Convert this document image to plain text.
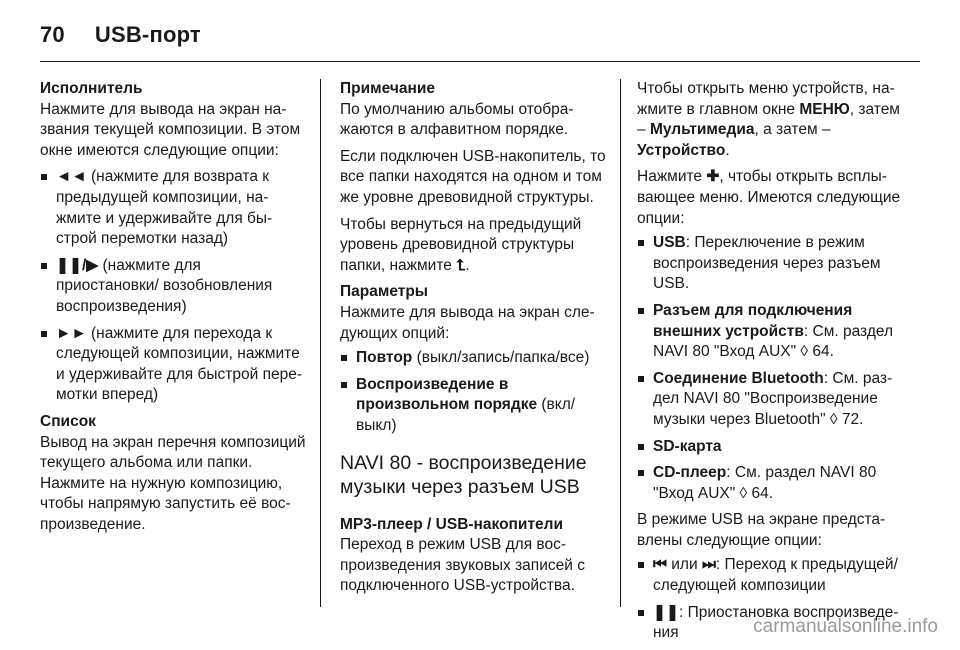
70 USB-порт
Исполнитель

Нажмите для вывода на экран названия текущей композиции. В этом окне имеются следующие опции:

◄◄ (нажмите для возврата к предыдущей композиции, нажмите и удерживайте для быстрой перемотки назад)
❚❚/▶ (нажмите для приостановки/ возобновления воспроизведения)
►► (нажмите для перехода к следующей композиции, нажмите и удерживайте для быстрой перемотки вперед)
Список

Вывод на экран перечня композиций текущего альбома или папки. Нажмите на нужную композицию, чтобы напрямую запустить её воспроизведение.

Примечание

По умолчанию альбомы отображаются в алфавитном порядке.

Если подключен USB-накопитель, то все папки находятся на одном и том же уровне древовидной структуры.

Чтобы вернуться на предыдущий уровень древовидной структуры папки, нажмите ⮤.

Параметры

Нажмите для вывода на экран следующих опций:

Повтор (выкл/запись/папка/все)
Воспроизведение в произвольном порядке (вкл/ выкл)
NAVI 80 - воспроизведение музыки через разъем USB
MP3-плеер / USB-накопители

Переход в режим USB для воспроизведения звуковых записей с подключенного USB-устройства.

Чтобы открыть меню устройств, нажмите в главном окне МЕНЮ, затем – Мультимедиа, а затем – Устройство.

Нажмите ✚, чтобы открыть всплывающее меню. Имеются следующие опции:

USB: Переключение в режим воспроизведения через разъем USB.
Разъем для подключения внешних устройств: См. раздел NAVI 80 "Вход AUX" ◊ 64.
Соединение Bluetooth: См. раздел NAVI 80 "Воспроизведение музыки через Bluetooth" ◊ 72.
SD-карта
CD-плеер: См. раздел NAVI 80 "Вход AUX" ◊ 64.

В режиме USB на экране представлены следующие опции:

⏮ или ⏭: Переход к предыдущей/следующей композиции
❚❚: Приостановка воспроизведения	carmanualsonline.info
